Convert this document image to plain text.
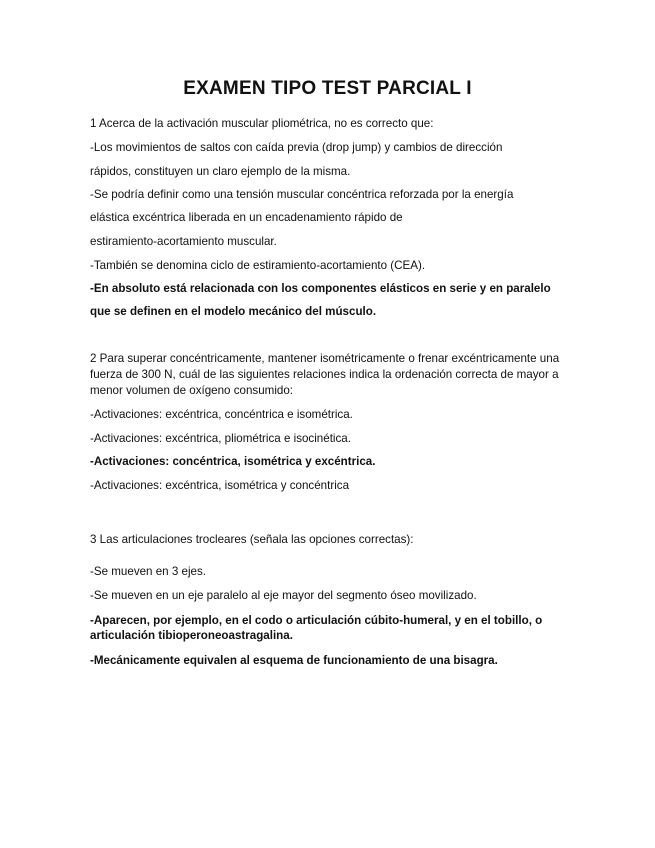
EXAMEN TIPO TEST PARCIAL I
1 Acerca de la activación muscular pliométrica, no es correcto que:
-Los movimientos de saltos con caída previa (drop jump) y cambios de dirección
rápidos, constituyen un claro ejemplo de la misma.
-Se podría definir como una tensión muscular concéntrica reforzada por la energía
elástica excéntrica liberada en un encadenamiento rápido de
estiramiento-acortamiento muscular.
-También se denomina ciclo de estiramiento-acortamiento (CEA).
-En absoluto está relacionada con los componentes elásticos en serie y en paralelo
que se definen en el modelo mecánico del músculo.
2 Para superar concéntricamente, mantener isométricamente o frenar excéntricamente una fuerza de 300 N, cuál de las siguientes relaciones indica la ordenación correcta de mayor a menor volumen de oxígeno consumido:
-Activaciones: excéntrica, concéntrica e isométrica.
-Activaciones: excéntrica, pliométrica e isocinética.
-Activaciones: concéntrica, isométrica y excéntrica.
-Activaciones: excéntrica, isométrica y concéntrica
3 Las articulaciones trocleares (señala las opciones correctas):
-Se mueven en 3 ejes.
-Se mueven en un eje paralelo al eje mayor del segmento óseo movilizado.
-Aparecen, por ejemplo, en el codo o articulación cúbito-humeral, y en el tobillo, o articulación tibioperoneoastragalina.
-Mecánicamente equivalen al esquema de funcionamiento de una bisagra.
